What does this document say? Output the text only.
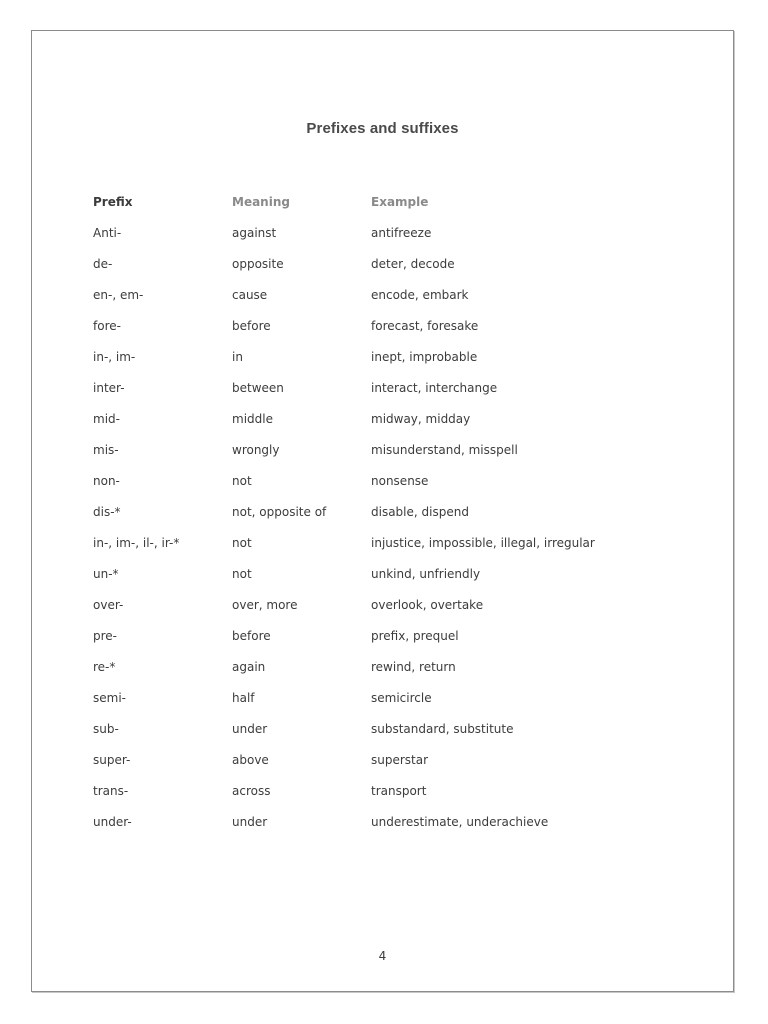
Prefixes and suffixes
Prefix	Meaning	Example
Anti-	against	antifreeze
de-	opposite	deter, decode
en-, em-	cause	encode, embark
fore-	before	forecast, foresake
in-, im-	in	inept, improbable
inter-	between	interact, interchange
mid-	middle	midway, midday
mis-	wrongly	misunderstand, misspell
non-	not	nonsense
dis-*	not, opposite of	disable, dispend
in-, im-, il-, ir-*	not	injustice, impossible, illegal, irregular
un-*	not	unkind, unfriendly
over-	over, more	overlook, overtake
pre-	before	prefix, prequel
re-*	again	rewind, return
semi-	half	semicircle
sub-	under	substandard, substitute
super-	above	superstar
trans-	across	transport
under-	under	underestimate, underachieve
4
